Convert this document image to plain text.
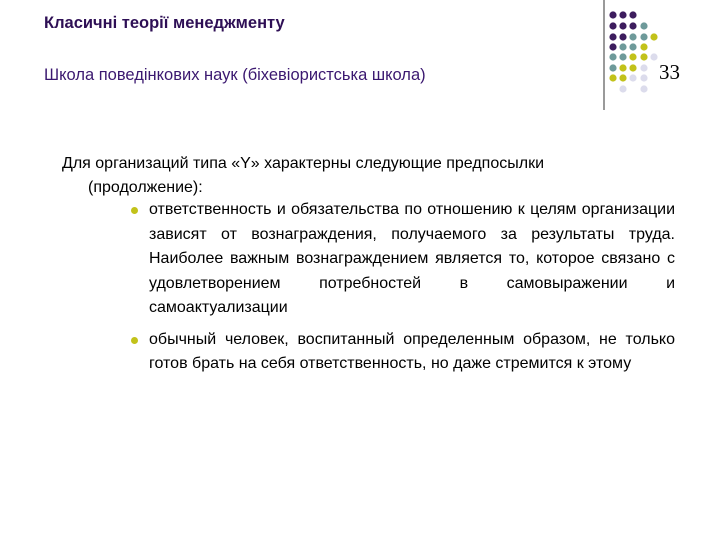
Класичні теорії менеджменту
Школа поведінкових наук (біхевіористська школа)	33
Для организаций типа «Y» характерны следующие предпосылки
(продолжение):
ответственность и обязательства по отношению к целям организации зависят от вознаграждения, получаемого за результаты труда. Наиболее важным вознаграждением является то, которое связано с удовлетворением потребностей в самовыражении и самоактуализации
обычный человек, воспитанный определенным образом, не только готов брать на себя ответственность, но даже стремится к этому
